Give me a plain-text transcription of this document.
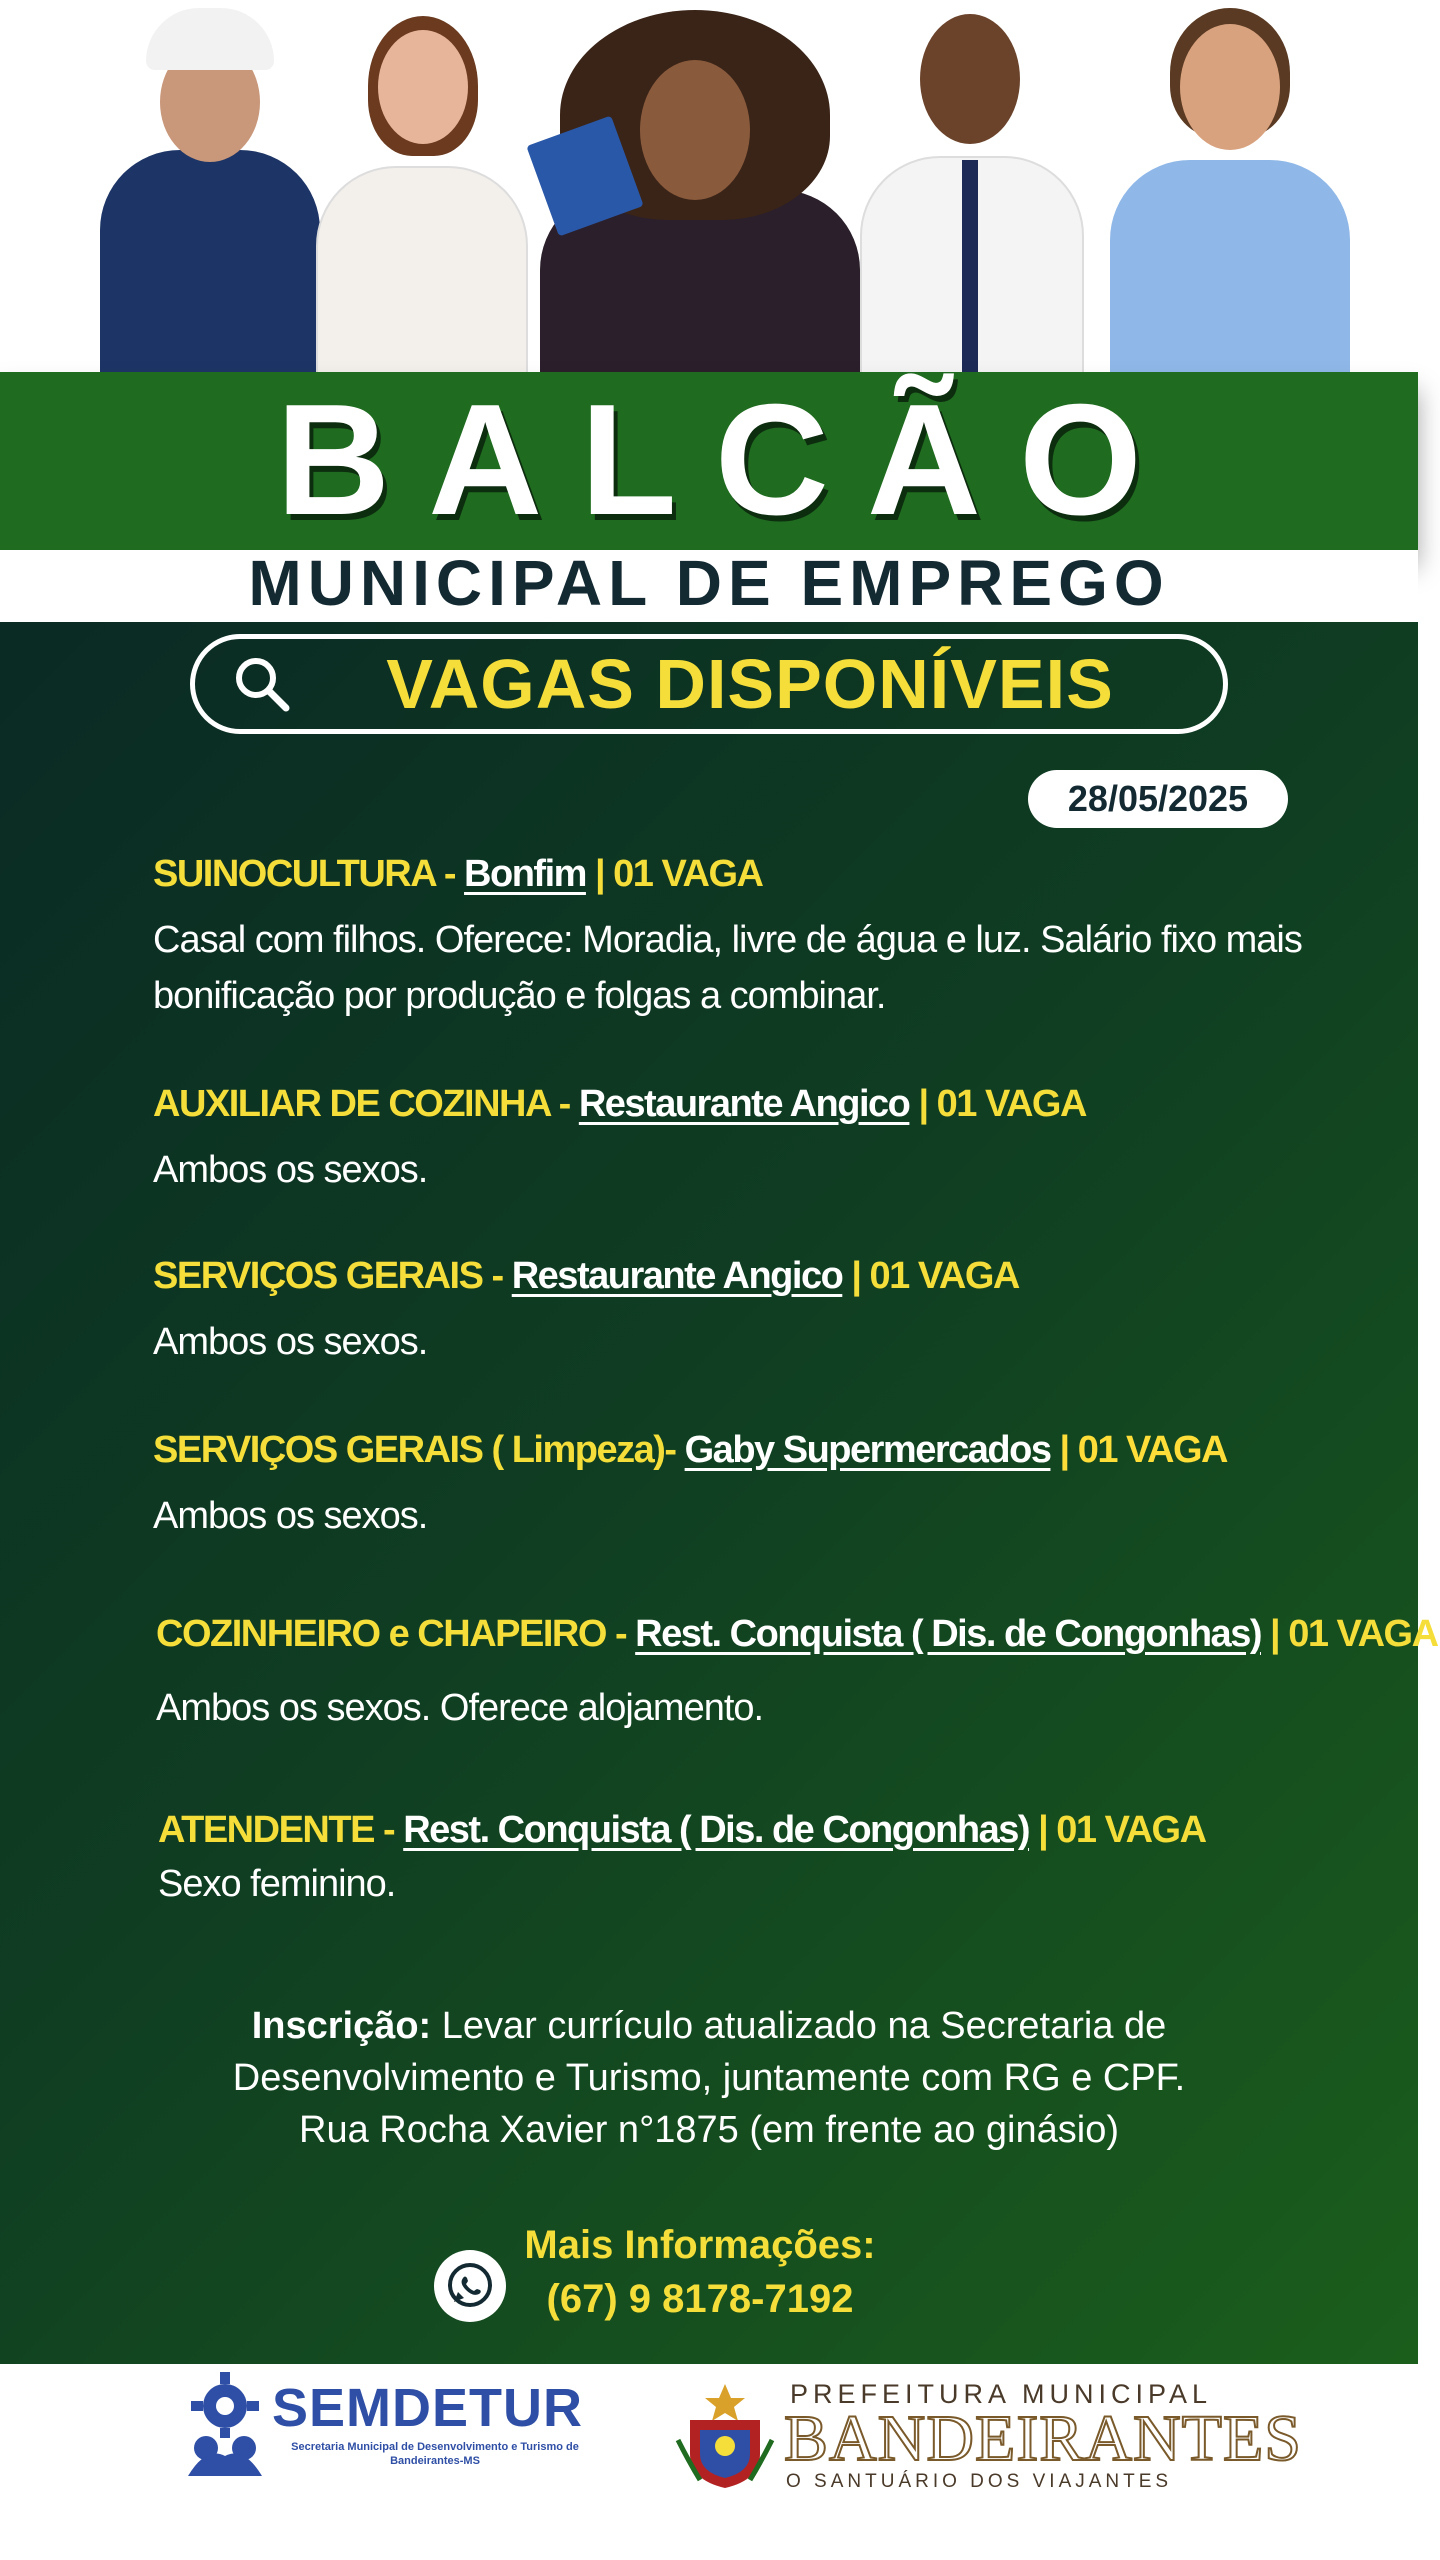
BALCÃO
MUNICIPAL DE EMPREGO
VAGAS DISPONÍVEIS
28/05/2025
SUINOCULTURA - Bonfim | 01 VAGA
Casal com filhos. Oferece: Moradia, livre de água e luz. Salário fixo mais bonificação por produção e folgas a combinar.
AUXILIAR DE COZINHA - Restaurante Angico | 01 VAGA
Ambos os sexos.
SERVIÇOS GERAIS - Restaurante Angico | 01 VAGA
Ambos os sexos.
SERVIÇOS GERAIS ( Limpeza)- Gaby Supermercados | 01 VAGA
Ambos os sexos.
COZINHEIRO e CHAPEIRO - Rest. Conquista ( Dis. de Congonhas) | 01 VAGA
Ambos os sexos. Oferece alojamento.
ATENDENTE - Rest. Conquista ( Dis. de Congonhas) | 01 VAGA
Sexo feminino.
Inscrição: Levar currículo atualizado na Secretaria de
Desenvolvimento e Turismo, juntamente com RG e CPF.
Rua Rocha Xavier n°1875 (em frente ao ginásio)
Mais Informações:
(67) 9 8178-7192
SEMDETUR
Secretaria Municipal de Desenvolvimento e Turismo de Bandeirantes-MS
PREFEITURA MUNICIPAL
BANDEIRANTES
O SANTUÁRIO DOS VIAJANTES
